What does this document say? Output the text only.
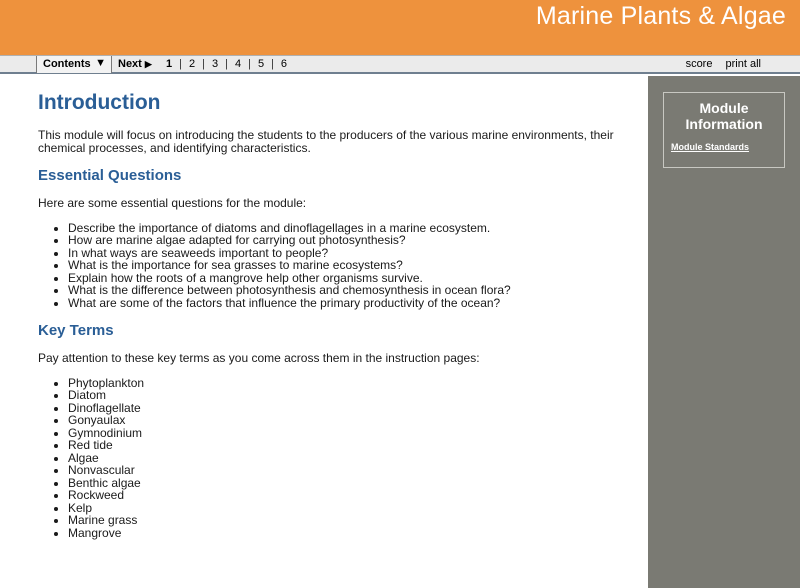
Marine Plants & Algae
Contents ▼ Next ▶ 1 | 2 | 3 | 4 | 5 | 6	score print all
Introduction

This module will focus on introducing the students to the producers of the various marine environments, their chemical processes, and identifying characteristics.

Essential Questions

Here are some essential questions for the module:

• Describe the importance of diatoms and dinoflagellages in a marine ecosystem.
• How are marine algae adapted for carrying out photosynthesis?
• In what ways are seaweeds important to people?
• What is the importance for sea grasses to marine ecosystems?
• Explain how the roots of a mangrove help other organisms survive.
• What is the difference between photosynthesis and chemosynthesis in ocean flora?
• What are some of the factors that influence the primary productivity of the ocean?
Key Terms

Pay attention to these key terms as you come across them in the instruction pages:

• Phytoplankton
• Diatom
• Dinoflagellate
• Gonyaulax
• Gymnodinium
• Red tide
• Algae
• Nonvascular
• Benthic algae
• Rockweed
• Kelp
• Marine grass
• Mangrove
Module Information
Module Standards
